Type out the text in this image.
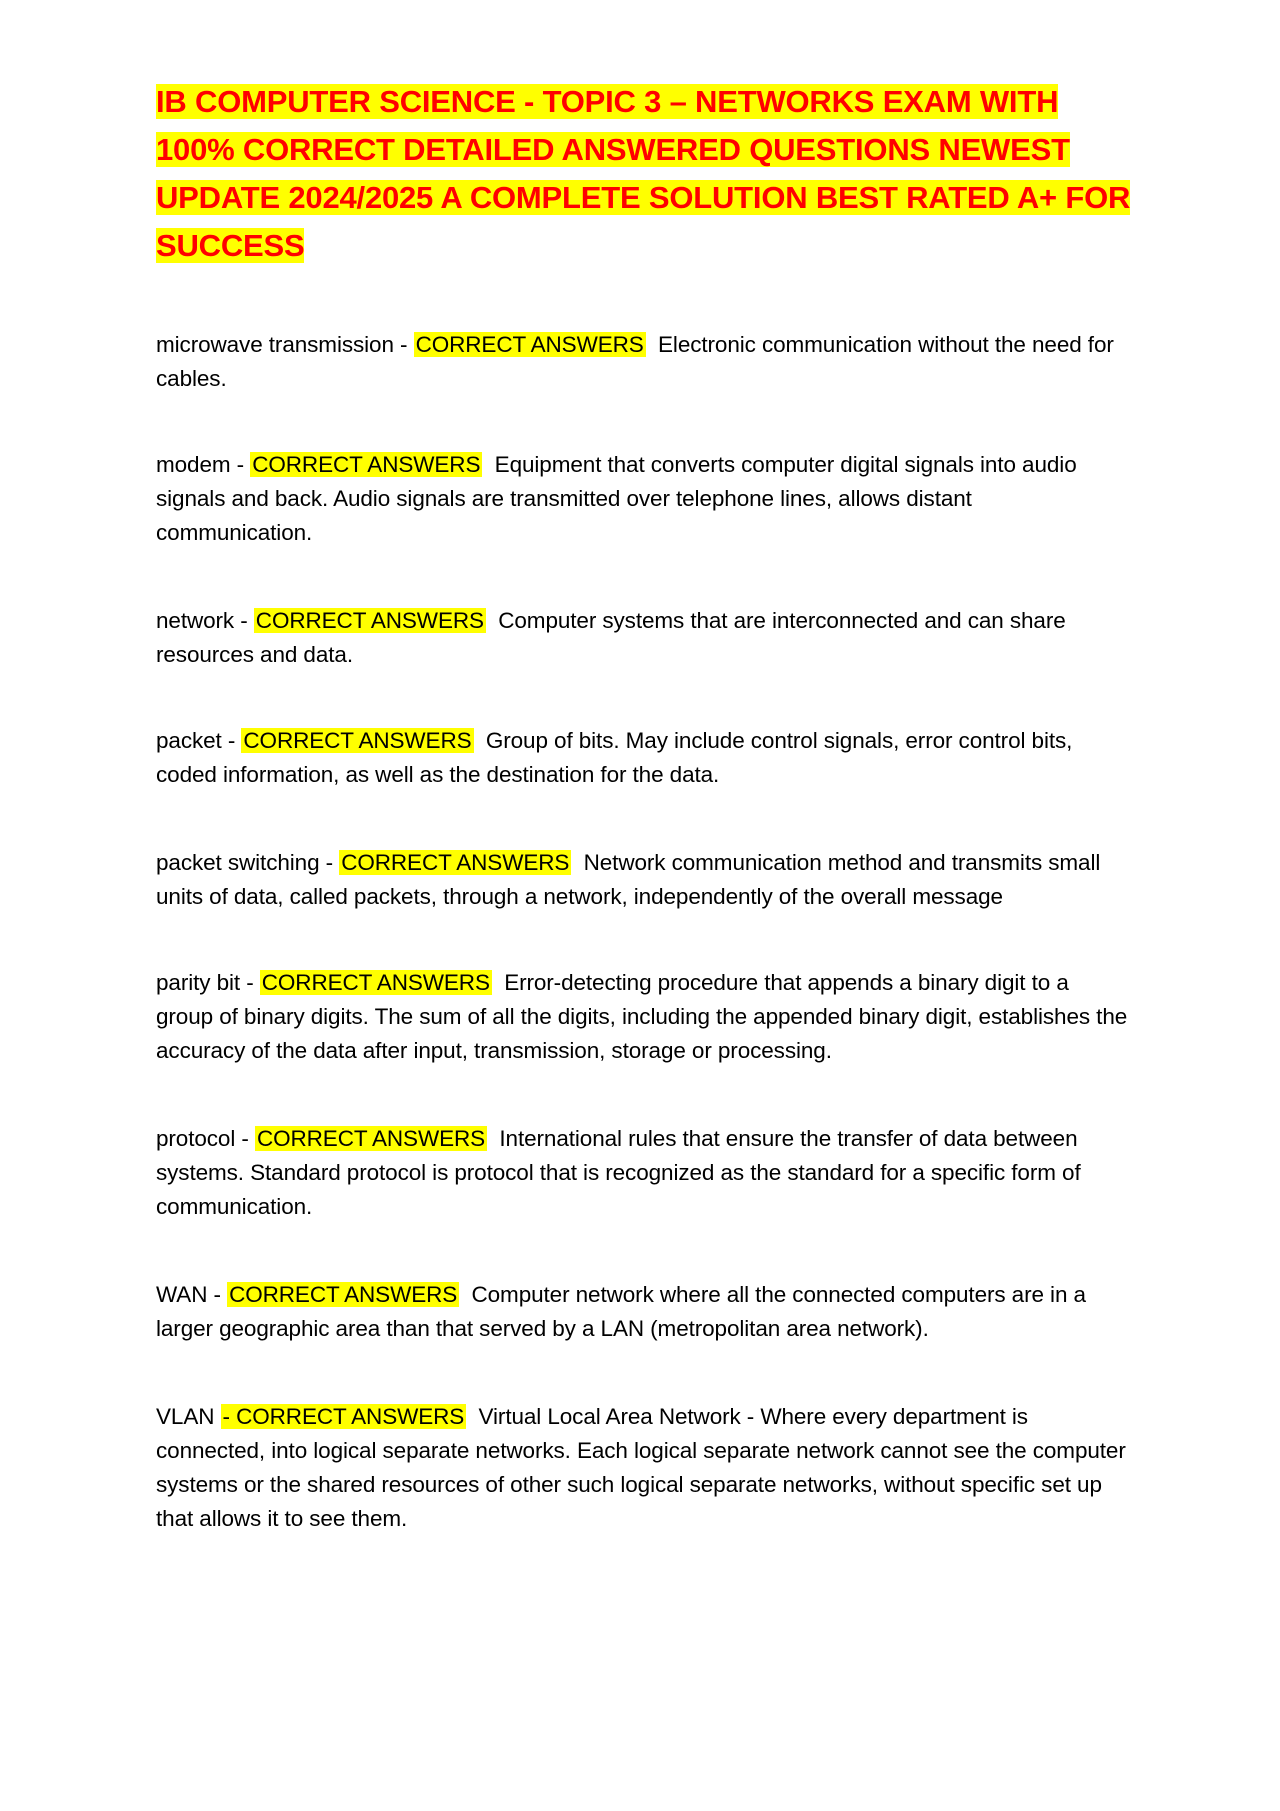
IB COMPUTER SCIENCE - TOPIC 3 – NETWORKS EXAM WITH 100% CORRECT DETAILED ANSWERED QUESTIONS NEWEST UPDATE 2024/2025 A COMPLETE SOLUTION BEST RATED A+ FOR SUCCESS

microwave transmission - CORRECT ANSWERS Electronic communication without the need for cables.

modem - CORRECT ANSWERS Equipment that converts computer digital signals into audio signals and back. Audio signals are transmitted over telephone lines, allows distant communication.

network - CORRECT ANSWERS Computer systems that are interconnected and can share resources and data.

packet - CORRECT ANSWERS Group of bits. May include control signals, error control bits, coded information, as well as the destination for the data.

packet switching - CORRECT ANSWERS Network communication method and transmits small units of data, called packets, through a network, independently of the overall message

parity bit - CORRECT ANSWERS Error-detecting procedure that appends a binary digit to a group of binary digits. The sum of all the digits, including the appended binary digit, establishes the accuracy of the data after input, transmission, storage or processing.

protocol - CORRECT ANSWERS International rules that ensure the transfer of data between systems. Standard protocol is protocol that is recognized as the standard for a specific form of communication.

WAN - CORRECT ANSWERS Computer network where all the connected computers are in a larger geographic area than that served by a LAN (metropolitan area network).

VLAN - CORRECT ANSWERS Virtual Local Area Network - Where every department is connected, into logical separate networks. Each logical separate network cannot see the computer systems or the shared resources of other such logical separate networks, without specific set up that allows it to see them.
